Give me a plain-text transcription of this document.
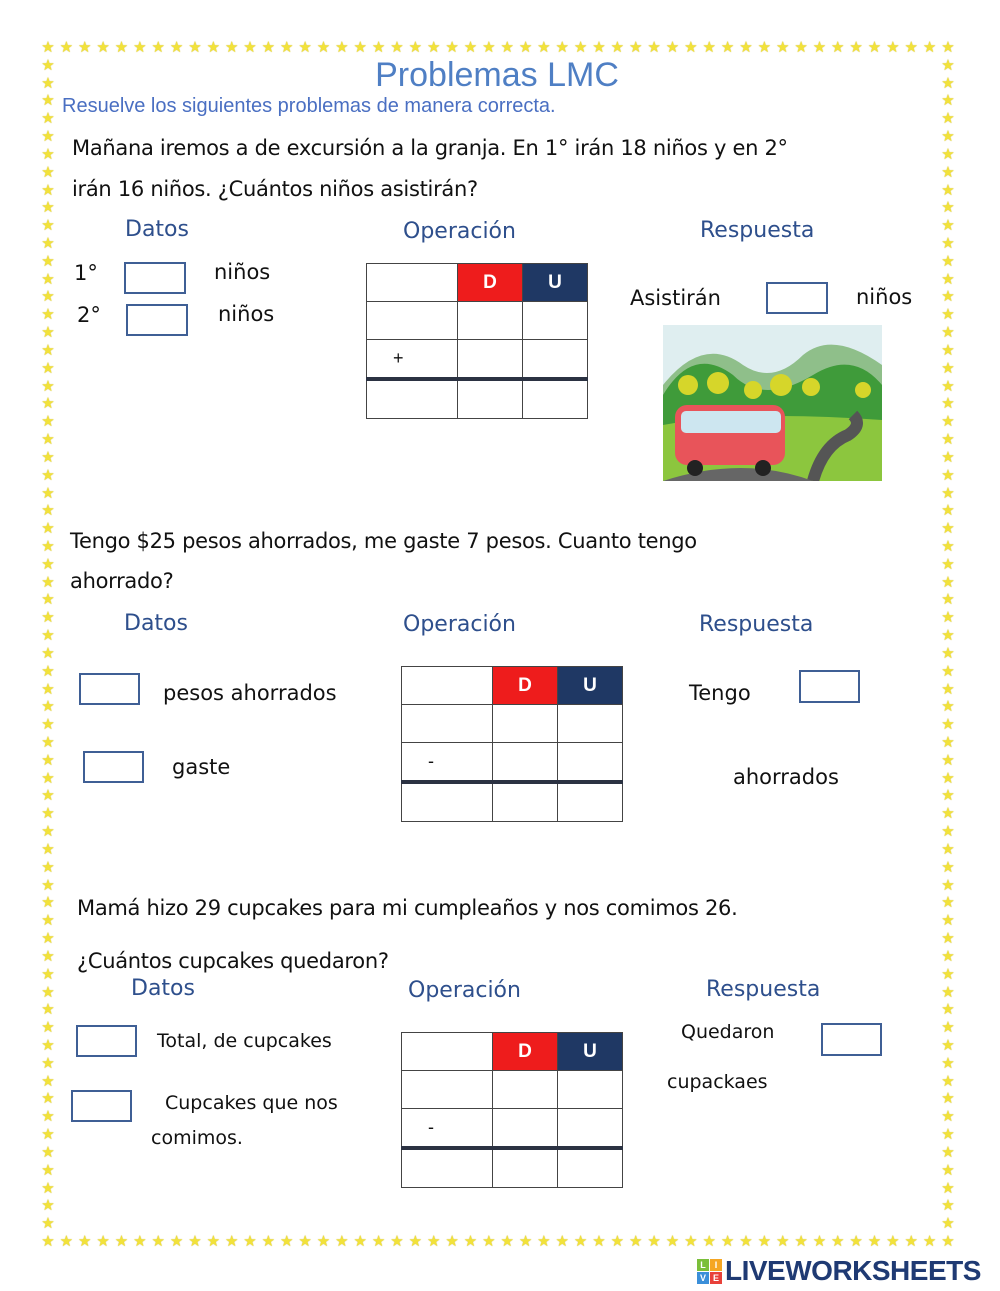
★
★
★
★
★
★
★
★
★
★
★
★
★
★
★
★
★
★
★
★
★
★
★
★
★
★
★
★
★
★
★
★
★
★
★
★
★
★
★
★
★
★
★
★
★
★
★
★
★
★
★
★
★
★
★
★
★
★
★
★
★
★
★
★
★
★
★
★
★
★
★
★
★
★
★
★
★
★
★
★
★
★
★
★
★
★
★
★
★
★
★
★
★
★
★
★
★
★
★
★
★	★
★	★
★	★
★	★
★	★
★	★
★	★
★	★
★	★
★	★
★	★
★	★
★	★
★	★
★	★
★	★
★	★
★	★
★	★
★	★
★	★
★	★
★	★
★	★
★	★
★	★
★	★
★	★
★	★
★	★
★	★
★	★
★	★
★	★
★	★
★	★
★	★
★	★
★	★
★	★
★	★
★	★
★	★
★	★
★	★
★	★
★	★
★	★
★	★
★	★
★	★
★	★
★	★
★	★
★	★
★	★
★	★
★	★
★	★
★	★
★	★
★	★
★	★
★	★
★	★
★	★
Problemas LMC
Resuelve los siguientes problemas de manera correcta.
Mañana iremos a de excursión a la granja. En 1° irán 18 niños y en 2°
irán 16 niños. ¿Cuántos niños asistirán?
Datos	Operación	Respuesta
1°	niños
2°	niños
	D	U

+		

Asistirán	niños
Tengo $25 pesos ahorrados, me gaste 7 pesos. Cuanto tengo
ahorrado?
Datos	Operación	Respuesta
pesos ahorrados
gaste
	D	U

-		

Tengo
ahorrados
Mamá hizo 29 cupcakes para mi cumpleaños y nos comimos 26.
¿Cuántos cupcakes quedaron?
Datos	Operación	Respuesta
Total, de cupcakes
Cupcakes que nos
comimos.
	D	U

-		

Quedaron
cupackaes
L I
V E LIVEWORKSHEETS
